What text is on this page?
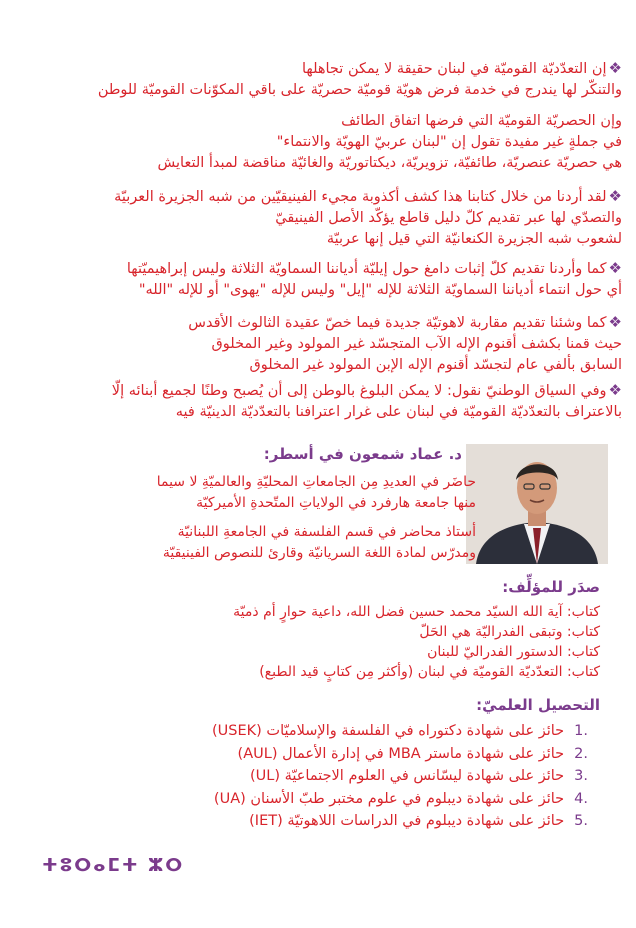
❖إن التعدّديّة القوميّة في لبنان حقيقة لا يمكن تجاهلها
والتنكّر لها يندرج في خدمة فرض هويّة قوميّة حصريّة على باقي المكوّنات القوميّة للوطن
وإن الحصريّة القوميّة التي فرضها اتفاق الطائف
في جملةٍ غير مفيدة تقول إن "لبنان عربيّ الهويّة والانتماء"
هي حصريّة عنصريّة، طائفيّة، تزويريّة، ديكتاتوريّة والغائيّة مناقضة لمبدأ التعايش
❖لقد أردنا من خلال كتابنا هذا كشف أكذوبة مجيء الفينيقيّين من شبه الجزيرة العربيّة
والتصدّي لها عبر تقديم كلّ دليل قاطع يؤكّد الأصل الفينيقيّ
لشعوب شبه الجزيرة الكنعانيّة التي قيل إنها عربيّة
❖كما وأردنا تقديم كلّ إثبات دامغ حول إيليّة أدياننا السماويّة الثلاثة وليس إبراهيميّتها
أي حول انتماء أدياننا السماويّة الثلاثة للإله "إيل" وليس للإله "يهوى" أو للإله "الله"
❖كما وشئنا تقديم مقاربة لاهوتيّة جديدة فيما خصّ عقيدة الثالوث الأقدس
حيث قمنا بكشف أقنوم الإله الآب المتجسّد غير المولود وغير المخلوق
السابق بألفي عام لتجسّد أقنوم الإله الإبن المولود غير المخلوق
❖وفي السياق الوطنيّ نقول: لا يمكن البلوغ بالوطن إلى أن يُصبح وطنًا لجميع أبنائه إلّا
بالاعتراف بالتعدّديّة القوميّة في لبنان على غرار اعترافنا بالتعدّديّة الدينيّة فيه
د. عماد شمعون في أسطر:
حاضَر في العديدِ مِن الجامعاتِ المحليّةِ والعالميّةِ لا سيما
منها جامعة هارفرد في الولاياتِ المتّحدةِ الأميركيّة
أستاذ محاضر في قسم الفلسفة في الجامعةِ اللبنانيّة
ومدرّس لمادة اللغة السريانيّة وقارئ للنصوص الفينيقيّة
صدَر للمؤلِّف:
كتاب: آية الله السيّد محمد حسين فضل الله، داعية حوارٍ أم ذميّة
كتاب: وتبقى الفدراليّة هي الحَلّ
كتاب: الدستور الفدراليّ للبنان
كتاب: التعدّديّة القوميّة في لبنان (وأكثر مِن كتابٍ قيد الطبع)
التحصيل العلميّ:
.1حائز على شهادة دكتوراه في الفلسفة والإسلاميّات (USEK)
.2حائز على شهادة ماستر MBA في إدارة الأعمال (AUL)
.3حائز على شهادة ليسّانس في العلوم الاجتماعيّة (UL)
.4حائز على شهادة ديبلوم في علوم مختبر طبّ الأسنان (UA)
.5حائز على شهادة ديبلوم في الدراسات اللاهوتيّة (IET)
ⵜⵓⵔⴰⵎⵜ ⵣⵔ
